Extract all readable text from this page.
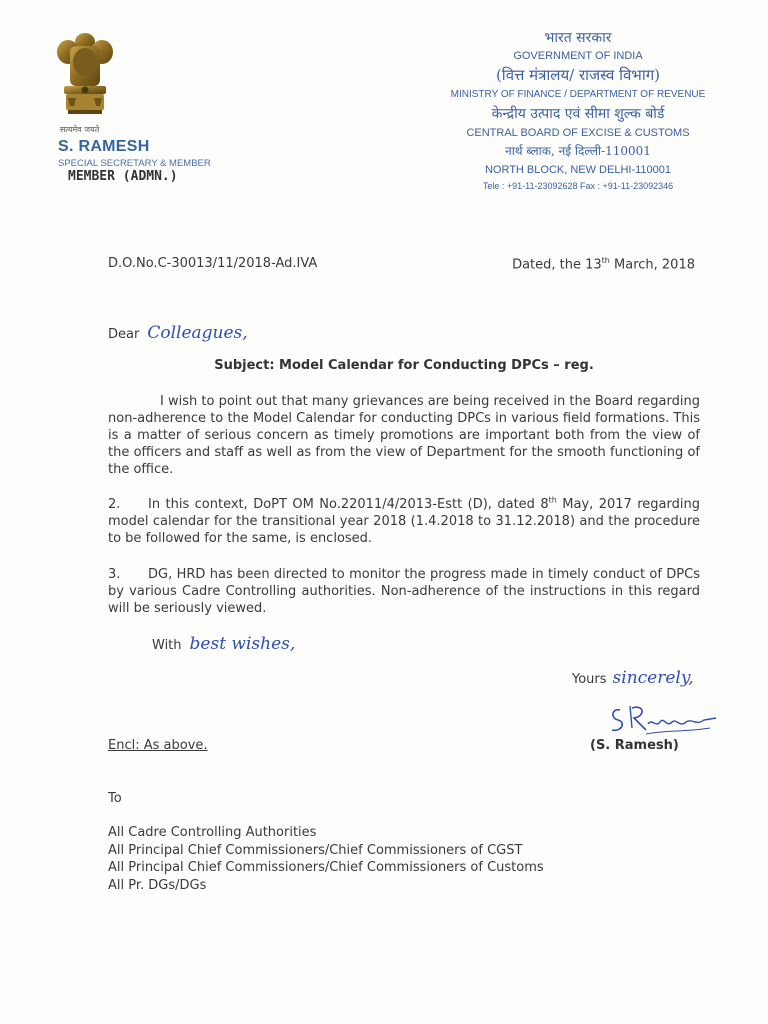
सत्यमेव जयते
S. RAMESH
SPECIAL SECRETARY & MEMBER
MEMBER (ADMN.)
भारत सरकार
GOVERNMENT OF INDIA
(वित्त मंत्रालय/ राजस्व विभाग)
MINISTRY OF FINANCE / DEPARTMENT OF REVENUE
केन्द्रीय उत्पाद एवं सीमा शुल्क बोर्ड
CENTRAL BOARD OF EXCISE & CUSTOMS
नार्थ ब्लाक, नई दिल्ली-110001
NORTH BLOCK, NEW DELHI-110001
Tele : +91-11-23092628 Fax : +91-11-23092346
D.O.No.C-30013/11/2018-Ad.IVA	Dated, the 13th March, 2018
Dear Colleagues,
Subject: Model Calendar for Conducting DPCs – reg.
I wish to point out that many grievances are being received in the Board regarding non-adherence to the Model Calendar for conducting DPCs in various field formations. This is a matter of serious concern as timely promotions are important both from the view of the officers and staff as well as from the view of Department for the smooth functioning of the office.
2. In this context, DoPT OM No.22011/4/2013-Estt (D), dated 8th May, 2017 regarding model calendar for the transitional year 2018 (1.4.2018 to 31.12.2018) and the procedure to be followed for the same, is enclosed.
3. DG, HRD has been directed to monitor the progress made in timely conduct of DPCs by various Cadre Controlling authorities. Non-adherence of the instructions in this regard will be seriously viewed.
With best wishes,
Yours sincerely,
(S. Ramesh)
Encl: As above.
To
All Cadre Controlling Authorities
All Principal Chief Commissioners/Chief Commissioners of CGST
All Principal Chief Commissioners/Chief Commissioners of Customs
All Pr. DGs/DGs
